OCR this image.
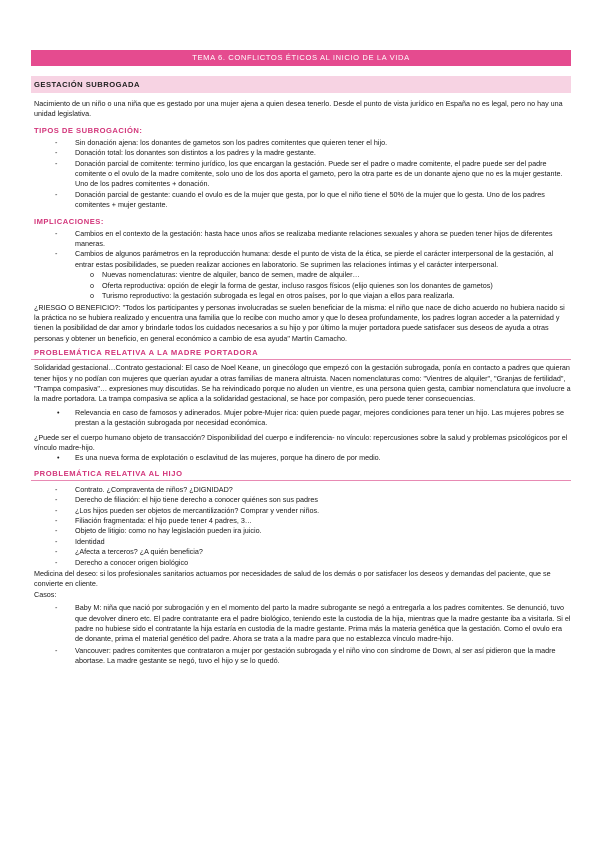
TEMA 6. CONFLICTOS ÉTICOS AL INICIO DE LA VIDA
GESTACIÓN SUBROGADA

Nacimiento de un niño o una niña que es gestado por una mujer ajena a quien desea tenerlo. Desde el punto de vista jurídico en España no es legal, pero no hay una unidad legislativa.

TIPOS DE SUBROGACIÓN:
- Sin donación ajena: los donantes de gametos son los padres comitentes que quieren tener el hijo.
- Donación total: los donantes son distintos a los padres y la madre gestante.
- Donación parcial de comitente: termino jurídico, los que encargan la gestación. Puede ser el padre o madre comitente, el padre puede ser del padre comitente o el ovulo de la madre comitente, solo uno de los dos aporta el gameto, pero la otra parte es de un donante ajeno que no es la mujer gestante. Uno de los padres comitentes + donación.
- Donación parcial de gestante: cuando el ovulo es de la mujer que gesta, por lo que el niño tiene el 50% de la mujer que lo gesta. Uno de los padres comitentes + mujer gestante.
IMPLICACIONES:
- Cambios en el contexto de la gestación: hasta hace unos años se realizaba mediante relaciones sexuales y ahora se pueden tener hijos de diferentes maneras.
- Cambios de algunos parámetros en la reproducción humana: desde el punto de vista de la ética, se pierde el carácter interpersonal de la gestación, al entrar estas posibilidades, se pueden realizar acciones en laboratorio. Se suprimen las relaciones íntimas y el carácter interpersonal.
o Nuevas nomenclaturas: vientre de alquiler, banco de semen, madre de alquiler…
o Oferta reproductiva: opción de elegir la forma de gestar, incluso rasgos físicos (elijo quienes son los donantes de gametos)
o Turismo reproductivo: la gestación subrogada es legal en otros países, por lo que viajan a ellos para realizarla.

¿RIESGO O BENEFICIO?: "Todos los participantes y personas involucradas se suelen beneficiar de la misma: el niño que nace de dicho acuerdo no hubiera nacido si la práctica no se hubiera realizado y encuentra una familia que lo recibe con mucho amor y que lo desea profundamente, los padres logran acceder a la paternidad y tienen la posibilidad de dar amor y brindarle todos los cuidados necesarios a su hijo y por último la mujer portadora puede satisfacer sus deseos de ayuda a otras personas y obtener un beneficio, en general económico a cambio de esa ayuda" Martín Camacho.

PROBLEMÁTICA RELATIVA A LA MADRE PORTADORA

Solidaridad gestacional…Contrato gestacional: El caso de Noel Keane, un ginecólogo que empezó con la gestación subrogada, ponía en contacto a padres que quieran tener hijos y no podían con mujeres que querían ayudar a otras familias de manera altruista. Nacen nomenclaturas como: "Vientres de alquiler", "Granjas de fertilidad", "Trampa compasiva"… expresiones muy discutidas. Se ha reivindicado porque no aluden un vientre, es una persona quien gesta, cambiar nomenclatura que involucre a la madre portadora. La trampa compasiva se aplica a la solidaridad gestacional, se hace por compasión, pero puede tener consecuencias.

• Relevancia en caso de famosos y adinerados. Mujer pobre-Mujer rica: quien puede pagar, mejores condiciones para tener un hijo. Las mujeres pobres se prestan a la gestación subrogada por necesidad económica.

¿Puede ser el cuerpo humano objeto de transacción? Disponibilidad del cuerpo e indiferencia- no vínculo: repercusiones sobre la salud y problemas psicológicos por el vínculo madre-hijo.

• Es una nueva forma de explotación o esclavitud de las mujeres, porque ha dinero de por medio.
PROBLEMÁTICA RELATIVA AL HIJO
- Contrato. ¿Compraventa de niños? ¿DIGNIDAD?
- Derecho de filiación: el hijo tiene derecho a conocer quiénes son sus padres
- ¿Los hijos pueden ser objetos de mercantilización? Comprar y vender niños.
- Filiación fragmentada: el hijo puede tener 4 padres, 3…
- Objeto de litigio: como no hay legislación pueden ira juicio.
- Identidad
- ¿Afecta a terceros? ¿A quién beneficia?
- Derecho a conocer origen biológico

Medicina del deseo: si los profesionales sanitarios actuamos por necesidades de salud de los demás o por satisfacer los deseos y demandas del paciente, que se convierte en cliente.

Casos:

- Baby M: niña que nació por subrogación y en el momento del parto la madre subrogante se negó a entregarla a los padres comitentes. Se denunció, tuvo que devolver dinero etc. El padre contratante era el padre biológico, teniendo este la custodia de la hija, mientras que la madre gestante iba a visitarla. Si el padre no hubiese sido el contratante la hija estaría en custodia de la madre gestante. Prima más la materia genética que la gestación. Como el ovulo era de donante, prima el material genético del padre. Ahora se trata a la madre para que no establezca vínculo madre-hijo.
- Vancouver: padres comitentes que contrataron a mujer por gestación subrogada y el niño vino con síndrome de Down, al ser así pidieron que la madre abortase. La madre gestante se negó, tuvo el hijo y se lo quedó.
